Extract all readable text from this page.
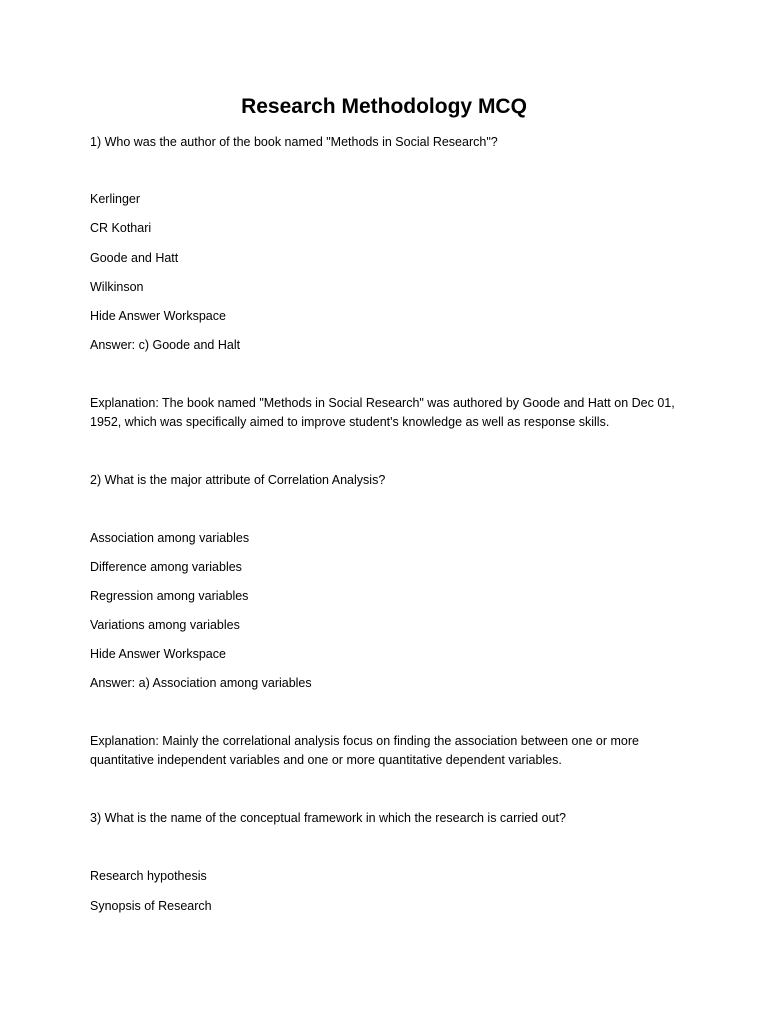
Research Methodology MCQ

1) Who was the author of the book named "Methods in Social Research"?

Kerlinger

CR Kothari

Goode and Hatt

Wilkinson

Hide Answer Workspace

Answer: c) Goode and Halt

Explanation: The book named "Methods in Social Research" was authored by Goode and Hatt on Dec 01,

1952, which was specifically aimed to improve student's knowledge as well as response skills.

2) What is the major attribute of Correlation Analysis?

Association among variables

Difference among variables

Regression among variables

Variations among variables

Hide Answer Workspace

Answer: a) Association among variables

Explanation: Mainly the correlational analysis focus on finding the association between one or more

quantitative independent variables and one or more quantitative dependent variables.

3) What is the name of the conceptual framework in which the research is carried out?

Research hypothesis

Synopsis of Research
